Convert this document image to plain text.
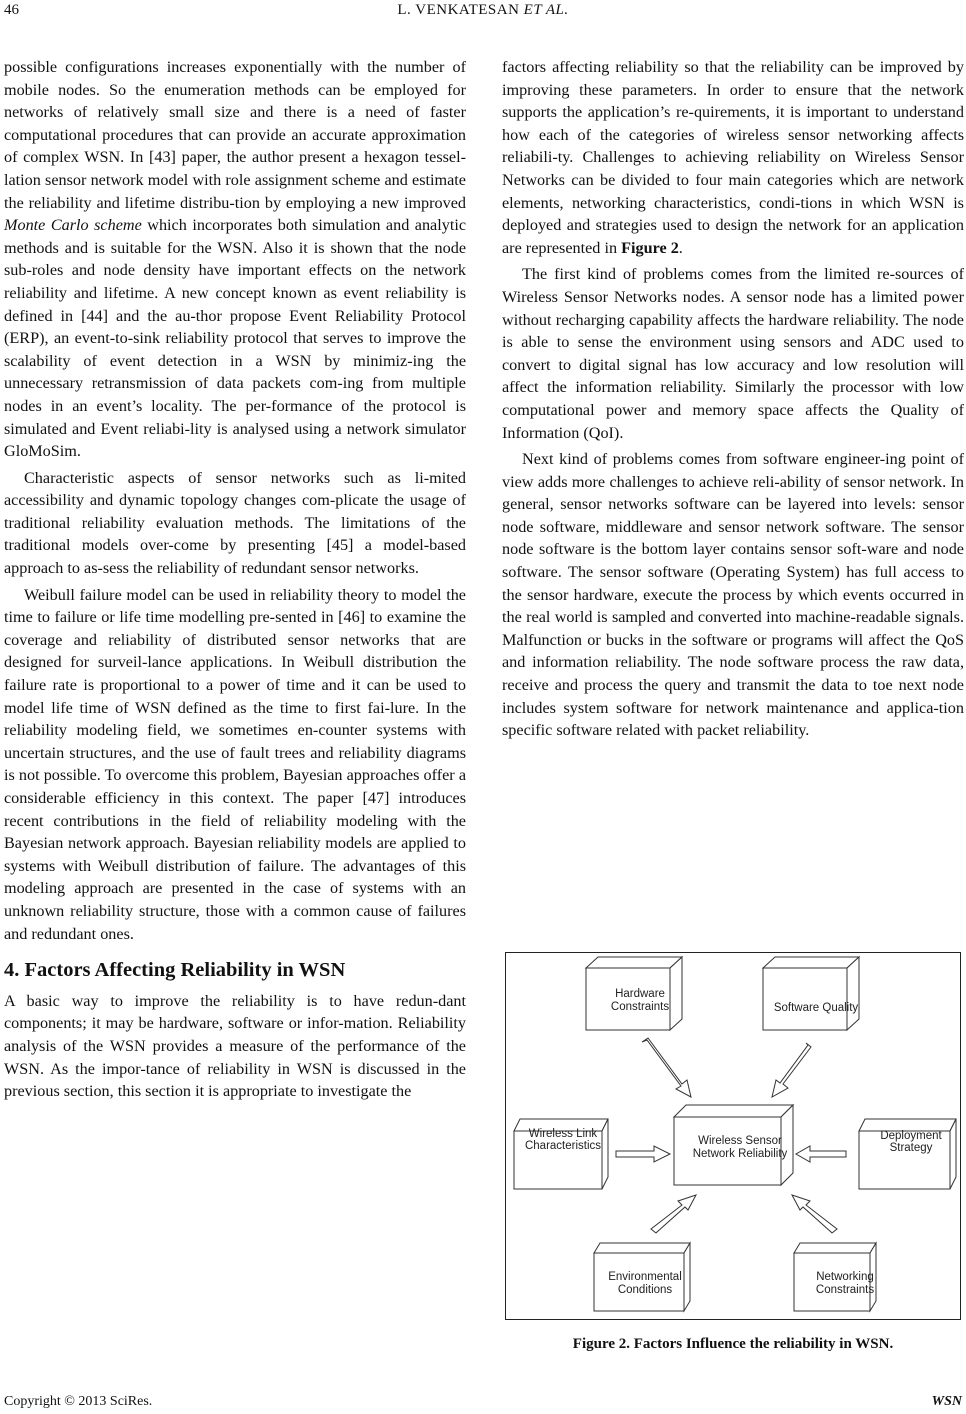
46	L. VENKATESAN ET AL.

possible configurations increases exponentially with the number of mobile nodes. So the enumeration methods can be employed for networks of relatively small size and there is a need of faster computational procedures that can provide an accurate approximation of complex WSN. In [43] paper, the author present a hexagon tessel-lation sensor network model with role assignment scheme and estimate the reliability and lifetime distribu-tion by employing a new improved Monte Carlo scheme which incorporates both simulation and analytic methods and is suitable for the WSN. Also it is shown that the node sub-roles and node density have important effects on the network reliability and lifetime. A new concept known as event reliability is defined in [44] and the au-thor propose Event Reliability Protocol (ERP), an event-to-sink reliability protocol that serves to improve the scalability of event detection in a WSN by minimiz-ing the unnecessary retransmission of data packets com-ing from multiple nodes in an event’s locality. The per-formance of the protocol is simulated and Event reliabi-lity is analysed using a network simulator GloMoSim.

Characteristic aspects of sensor networks such as li-mited accessibility and dynamic topology changes com-plicate the usage of traditional reliability evaluation methods. The limitations of the traditional models over-come by presenting [45] a model-based approach to as-sess the reliability of redundant sensor networks.

Weibull failure model can be used in reliability theory to model the time to failure or life time modelling pre-sented in [46] to examine the coverage and reliability of distributed sensor networks that are designed for surveil-lance applications. In Weibull distribution the failure rate is proportional to a power of time and it can be used to model life time of WSN defined as the time to first fai-lure. In the reliability modeling field, we sometimes en-counter systems with uncertain structures, and the use of fault trees and reliability diagrams is not possible. To overcome this problem, Bayesian approaches offer a considerable efficiency in this context. The paper [47] introduces recent contributions in the field of reliability modeling with the Bayesian network approach. Bayesian reliability models are applied to systems with Weibull distribution of failure. The advantages of this modeling approach are presented in the case of systems with an unknown reliability structure, those with a common cause of failures and redundant ones.

4. Factors Affecting Reliability in WSN

A basic way to improve the reliability is to have redun-dant components; it may be hardware, software or infor-mation. Reliability analysis of the WSN provides a measure of the performance of the WSN. As the impor-tance of reliability in WSN is discussed in the previous section, this section it is appropriate to investigate the

factors affecting reliability so that the reliability can be improved by improving these parameters. In order to ensure that the network supports the application’s re-quirements, it is important to understand how each of the categories of wireless sensor networking affects reliabili-ty. Challenges to achieving reliability on Wireless Sensor Networks can be divided to four main categories which are network elements, networking characteristics, condi-tions in which WSN is deployed and strategies used to design the network for an application are represented in Figure 2.

The first kind of problems comes from the limited re-sources of Wireless Sensor Networks nodes. A sensor node has a limited power without recharging capability affects the hardware reliability. The node is able to sense the environment using sensors and ADC used to convert to digital signal has low accuracy and low resolution will affect the information reliability. Similarly the processor with low computational power and memory space affects the Quality of Information (QoI).

Next kind of problems comes from software engineer-ing point of view adds more challenges to achieve reli-ability of sensor network. In general, sensor networks software can be layered into levels: sensor node software, middleware and sensor network software. The sensor node software is the bottom layer contains sensor soft-ware and node software. The sensor software (Operating System) has full access to the sensor hardware, execute the process by which events occurred in the real world is sampled and converted into machine-readable signals. Malfunction or bucks in the software or programs will affect the QoS and information reliability. The node software process the raw data, receive and process the query and transmit the data to toe next node includes system software for network maintenance and applica-tion specific software related with packet reliability.

Hardware
Constraints	Software Quality
Wireless Link
Characteristics	Wireless Sensor
Network Reliability
Deployment
Strategy
Environmental
Conditions
Networking
Constraints
Figure 2. Factors Influence the reliability in WSN.
Copyright © 2013 SciRes.	WSN
